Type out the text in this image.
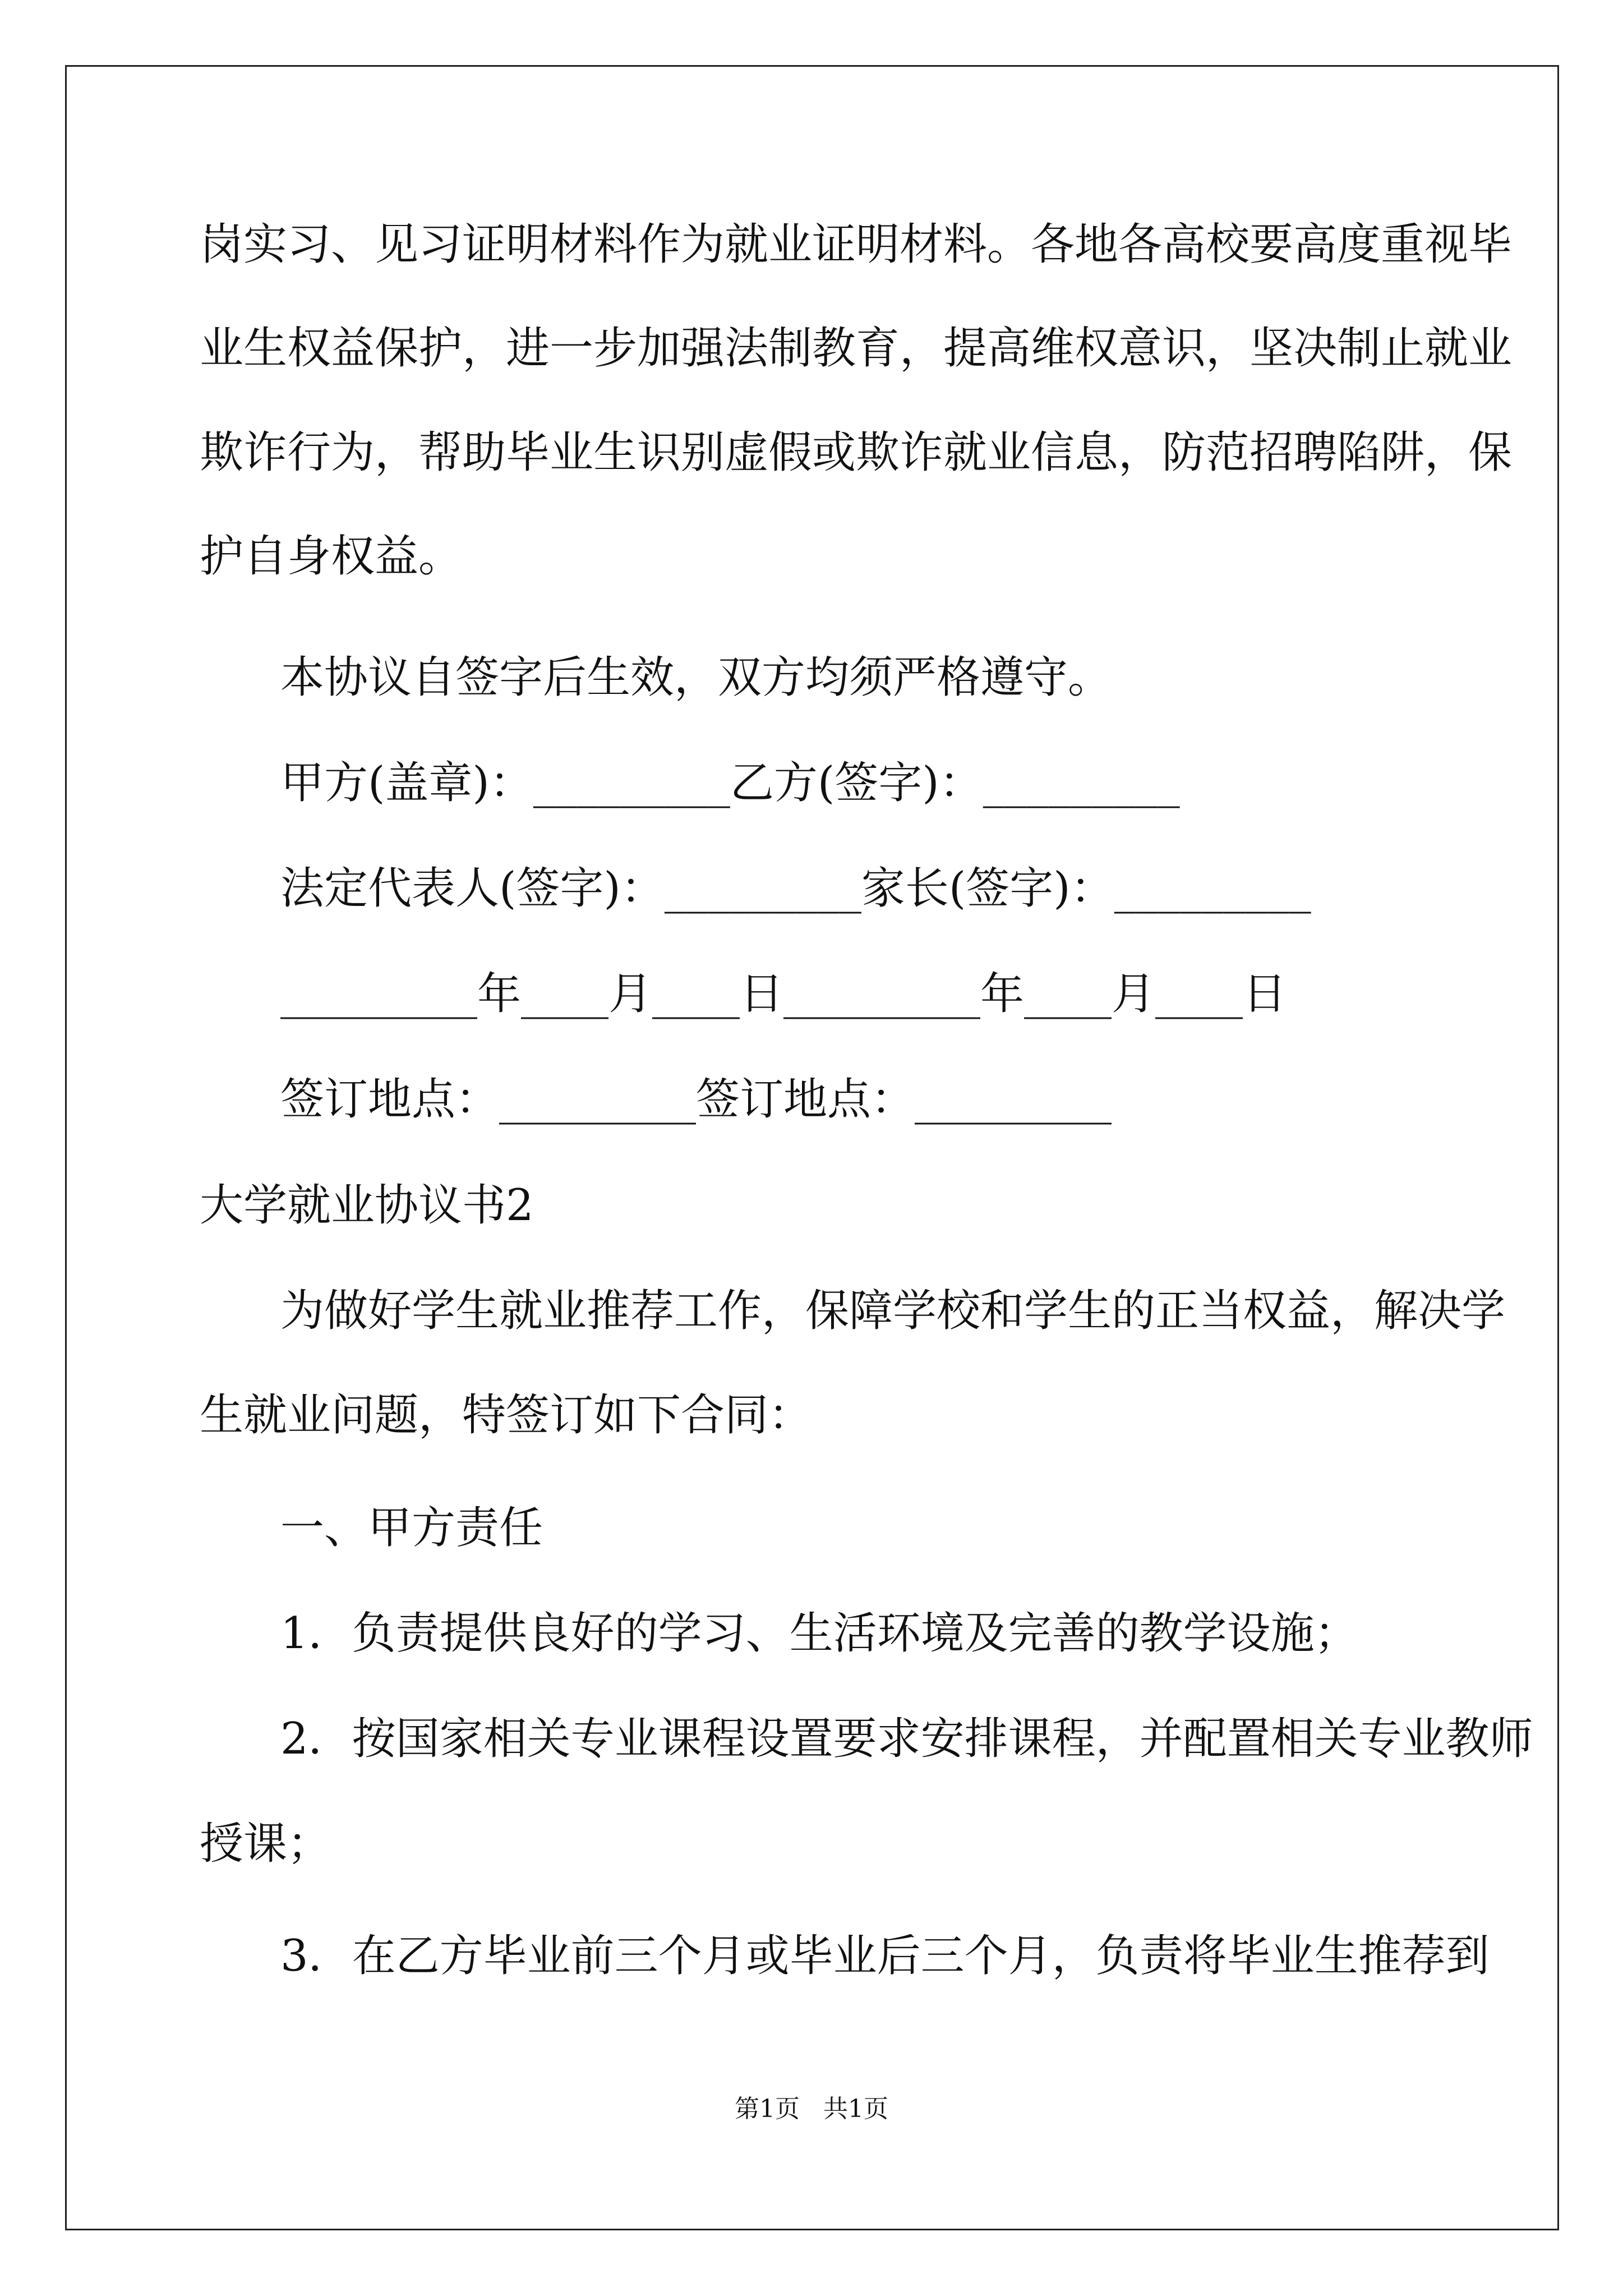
岗实习、见习证明材料作为就业证明材料。各地各高校要高度重视毕

业生权益保护，进一步加强法制教育，提高维权意识，坚决制止就业

欺诈行为，帮助毕业生识别虚假或欺诈就业信息，防范招聘陷阱，保

护自身权益。

本协议自签字后生效，双方均须严格遵守。

甲方(盖章)：_________乙方(签字)：_________

法定代表人(签字)：_________家长(签字)：_________

_________年____月____日_________年____月____日

签订地点：_________签订地点：_________

大学就业协议书2

为做好学生就业推荐工作，保障学校和学生的正当权益，解决学

生就业问题，特签订如下合同：

一、甲方责任

1．负责提供良好的学习、生活环境及完善的教学设施；

2．按国家相关专业课程设置要求安排课程，并配置相关专业教师

授课；

3．在乙方毕业前三个月或毕业后三个月，负责将毕业生推荐到

第1页   共1页
